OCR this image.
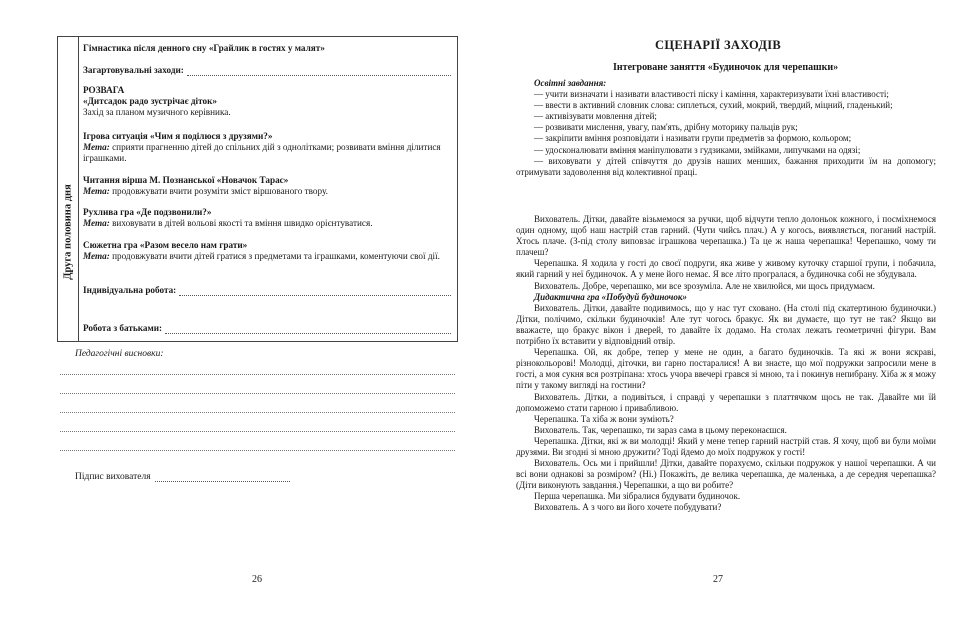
Друга половина дня
Гімнастика після денного сну «Грайлик в гостях у малят»
Загартовувальні заходи:
РОЗВАГА
«Дитсадок радо зустрічає діток»
Захід за планом музичного керівника.
Ігрова ситуація «Чим я поділюся з друзями?»
Мета: сприяти прагненню дітей до спільних дій з однолітками; розвивати вміння ділитися іграшками.
Читання вірша М. Познанської «Новачок Тарас»
Мета: продовжувати вчити розуміти зміст віршованого твору.
Рухлива гра «Де подзвонили?»
Мета: виховувати в дітей вольові якості та вміння швидко орієнтуватися.
Сюжетна гра «Разом весело нам грати»
Мета: продовжувати вчити дітей гратися з предметами та іграшками, коментуючи свої дії.
Індивідуальна робота:
Робота з батьками:
Педагогічні висновки:
Підпис вихователя
26
СЦЕНАРІЇ ЗАХОДІВ
Інтегроване заняття «Будиночок для черепашки»
Освітні завдання:
— учити визначати і називати властивості піску і каміння, характеризувати їхні властивості;
— ввести в активний словник слова: сиплеться, сухий, мокрий, твердий, міцний, гладенький;
— активізувати мовлення дітей;
— розвивати мислення, увагу, пам'ять, дрібну моторику пальців рук;
— закріпити вміння розповідати і називати групи предметів за формою, кольором;
— удосконалювати вміння маніпулювати з гудзиками, змійками, липучками на одязі;
— виховувати у дітей співчуття до друзів наших менших, бажання приходити їм на допомогу; отримувати задоволення від колективної праці.
Вихователь. Дітки, давайте візьмемося за ручки, щоб відчути тепло долоньок кожного, і посміхнемося один одному, щоб наш настрій став гарний. (Чути чийсь плач.) А у когось, виявляється, поганий настрій. Хтось плаче. (З-під столу виповзає іграшкова черепашка.) Та це ж наша черепашка! Черепашко, чому ти плачеш?
Черепашка. Я ходила у гості до своєї подруги, яка живе у живому куточку старшої групи, і побачила, який гарний у неї будиночок. А у мене його немає. Я все літо програлася, а будиночка собі не збудувала.
Вихователь. Добре, черепашко, ми все зрозуміла. Але не хвилюйся, ми щось придумаєм.
Дидактична гра «Побудуй будиночок»
Вихователь. Дітки, давайте подивимось, що у нас тут сховано. (На столі під скатертиною будиночки.) Дітки, полічимо, скільки будиночків! Але тут чогось бракує. Як ви думаєте, що тут не так? Якщо ви вважаєте, що бракує вікон і дверей, то давайте їх додамо. На столах лежать геометричні фігури. Вам потрібно їх вставити у відповідний отвір.
Черепашка. Ой, як добре, тепер у мене не один, а багато будиночків. Та які ж вони яскраві, різнокольорові! Молодці, діточки, ви гарно постаралися! А ви знаєте, що мої подружки запросили мене в гості, а моя сукня вся розтріпана: хтось учора ввечері грався зі мною, та і покинув непибрану. Хіба ж я можу піти у такому вигляді на гостини?
Вихователь. Дітки, а подивіться, і справді у черепашки з платтячком щось не так. Давайте ми їй допоможемо стати гарною і привабливою.
Черепашка. Та хіба ж вони зуміють?
Вихователь. Так, черепашко, ти зараз сама в цьому переконаєшся.
Черепашка. Дітки, які ж ви молодці! Який у мене тепер гарний настрій став. Я хочу, щоб ви були моїми друзями. Ви згодні зі мною дружити? Тоді йдемо до моїх подружок у гості!
Вихователь. Ось ми і прийшли! Дітки, давайте порахуємо, скільки подружок у нашої черепашки. А чи всі вони однакові за розміром? (Ні.) Покажіть, де велика черепашка, де маленька, а де середня черепашка? (Діти виконують завдання.) Черепашки, а що ви робите?
Перша черепашка. Ми зібралися будувати будиночок.
Вихователь. А з чого ви його хочете побудувати?
27
